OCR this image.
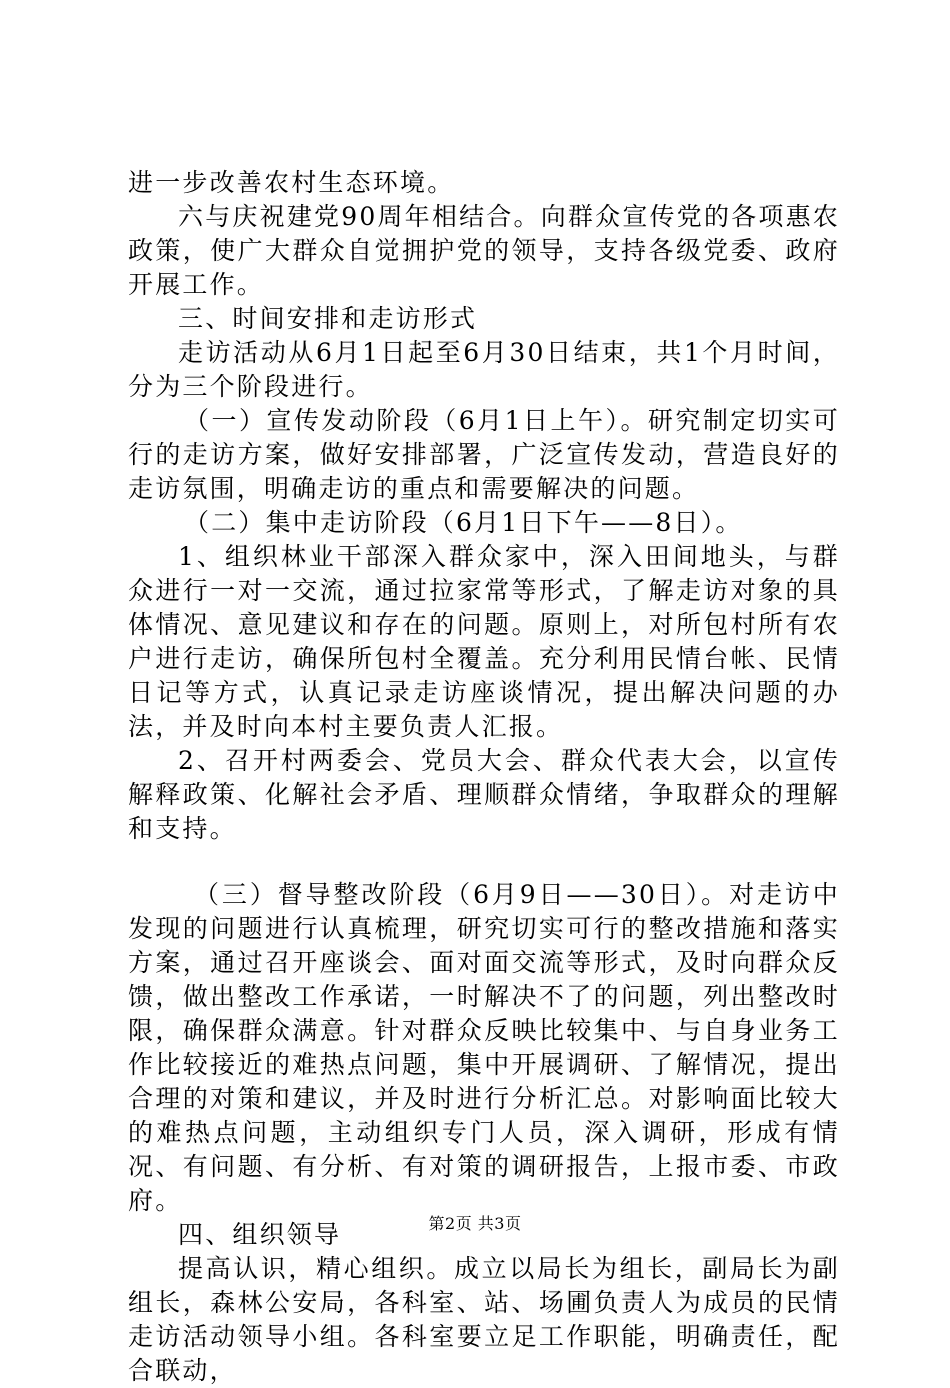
进一步改善农村生态环境。

六与庆祝建党90周年相结合。向群众宣传党的各项惠农政策，使广大群众自觉拥护党的领导，支持各级党委、政府开展工作。

三、时间安排和走访形式

走访活动从6月1日起至6月30日结束，共1个月时间，分为三个阶段进行。

（一）宣传发动阶段（6月1日上午）。研究制定切实可行的走访方案，做好安排部署，广泛宣传发动，营造良好的走访氛围，明确走访的重点和需要解决的问题。

（二）集中走访阶段（6月1日下午——8日）。

1、组织林业干部深入群众家中，深入田间地头，与群众进行一对一交流，通过拉家常等形式，了解走访对象的具体情况、意见建议和存在的问题。原则上，对所包村所有农户进行走访，确保所包村全覆盖。充分利用民情台帐、民情日记等方式，认真记录走访座谈情况，提出解决问题的办法，并及时向本村主要负责人汇报。

2、召开村两委会、党员大会、群众代表大会，以宣传解释政策、化解社会矛盾、理顺群众情绪，争取群众的理解和支持。

（三）督导整改阶段（6月9日——30日）。对走访中发现的问题进行认真梳理，研究切实可行的整改措施和落实方案，通过召开座谈会、面对面交流等形式，及时向群众反馈，做出整改工作承诺，一时解决不了的问题，列出整改时限，确保群众满意。针对群众反映比较集中、与自身业务工作比较接近的难热点问题，集中开展调研、了解情况，提出合理的对策和建议，并及时进行分析汇总。对影响面比较大的难热点问题，主动组织专门人员，深入调研，形成有情况、有问题、有分析、有对策的调研报告，上报市委、市政府。

四、组织领导

提高认识，精心组织。成立以局长为组长，副局长为副组长，森林公安局，各科室、站、场圃负责人为成员的民情走访活动领导小组。各科室要立足工作职能，明确责任，配合联动，

第2页 共3页
